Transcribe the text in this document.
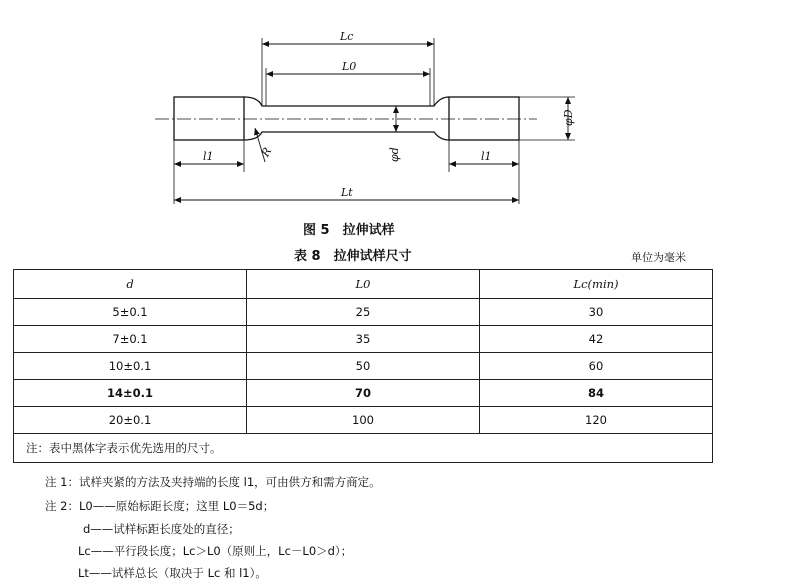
Lc
L0
l1	l1
Lt
R	φd
φD
图 5　拉伸试样
表 8　拉伸试样尺寸	单位为毫米
d	L0	Lc(min)
5±0.1	25	30
7±0.1	35	42
10±0.1	50	60
14±0.1	70	84
20±0.1	100	120
注：表中黑体字表示优先选用的尺寸。		
注 1：试样夹紧的方法及夹持端的长度 l1，可由供方和需方商定。
注 2：L0——原始标距长度；这里 L0＝5d；
d——试样标距长度处的直径；
Lc——平行段长度；Lc＞L0（原则上，Lc－L0＞d）；
Lt——试样总长（取决于 Lc 和 l1）。
